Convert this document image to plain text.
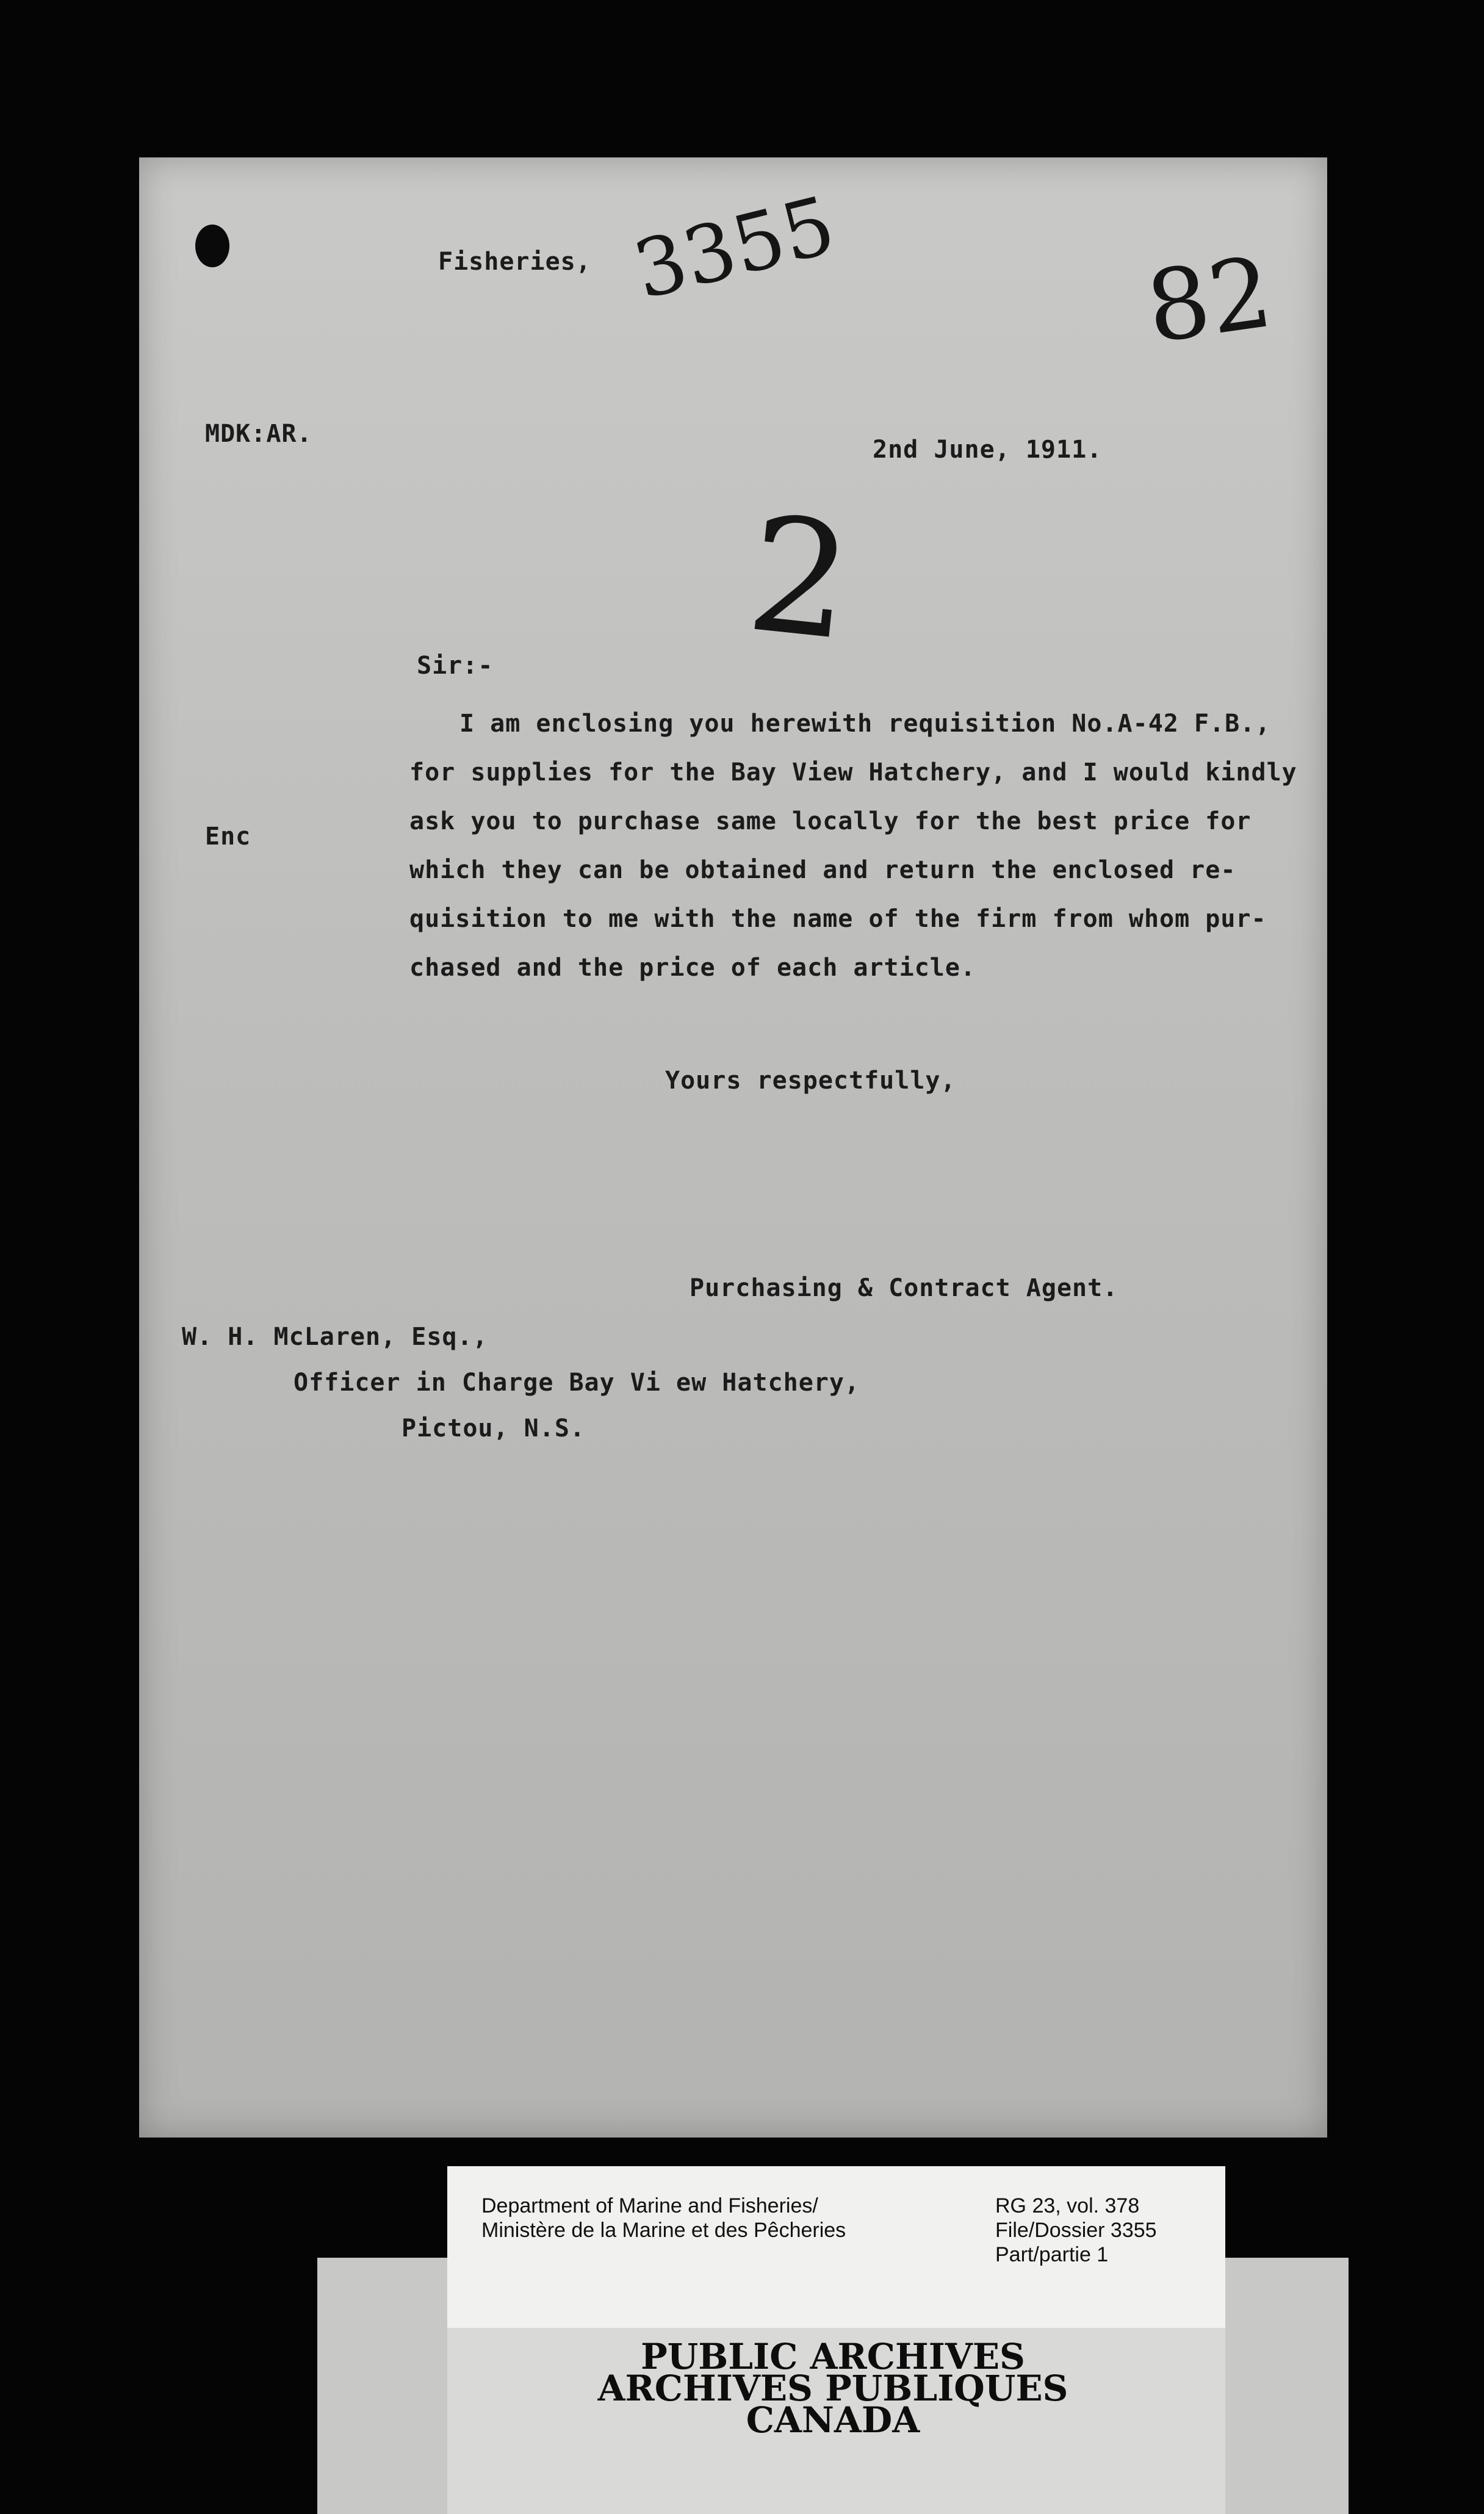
Fisheries, 3355	82
MDK:AR.
2nd June, 1911.
2
Sir:-
Enc
I am enclosing you herewith requisition No.A-42 F.B.,
for supplies for the Bay View Hatchery, and I would kindly
ask you to purchase same locally for the best price for
which they can be obtained and return the enclosed re-
quisition to me with the name of the firm from whom pur-
chased and the price of each article.
Yours respectfully,
Purchasing & Contract Agent.
W. H. McLaren, Esq.,
Officer in Charge Bay Vi ew Hatchery,
Pictou, N.S.
Department of Marine and Fisheries/
Ministère de la Marine et des Pêcheries
RG 23, vol. 378
File/Dossier 3355
Part/partie 1
PUBLIC ARCHIVES
ARCHIVES PUBLIQUES
CANADA
